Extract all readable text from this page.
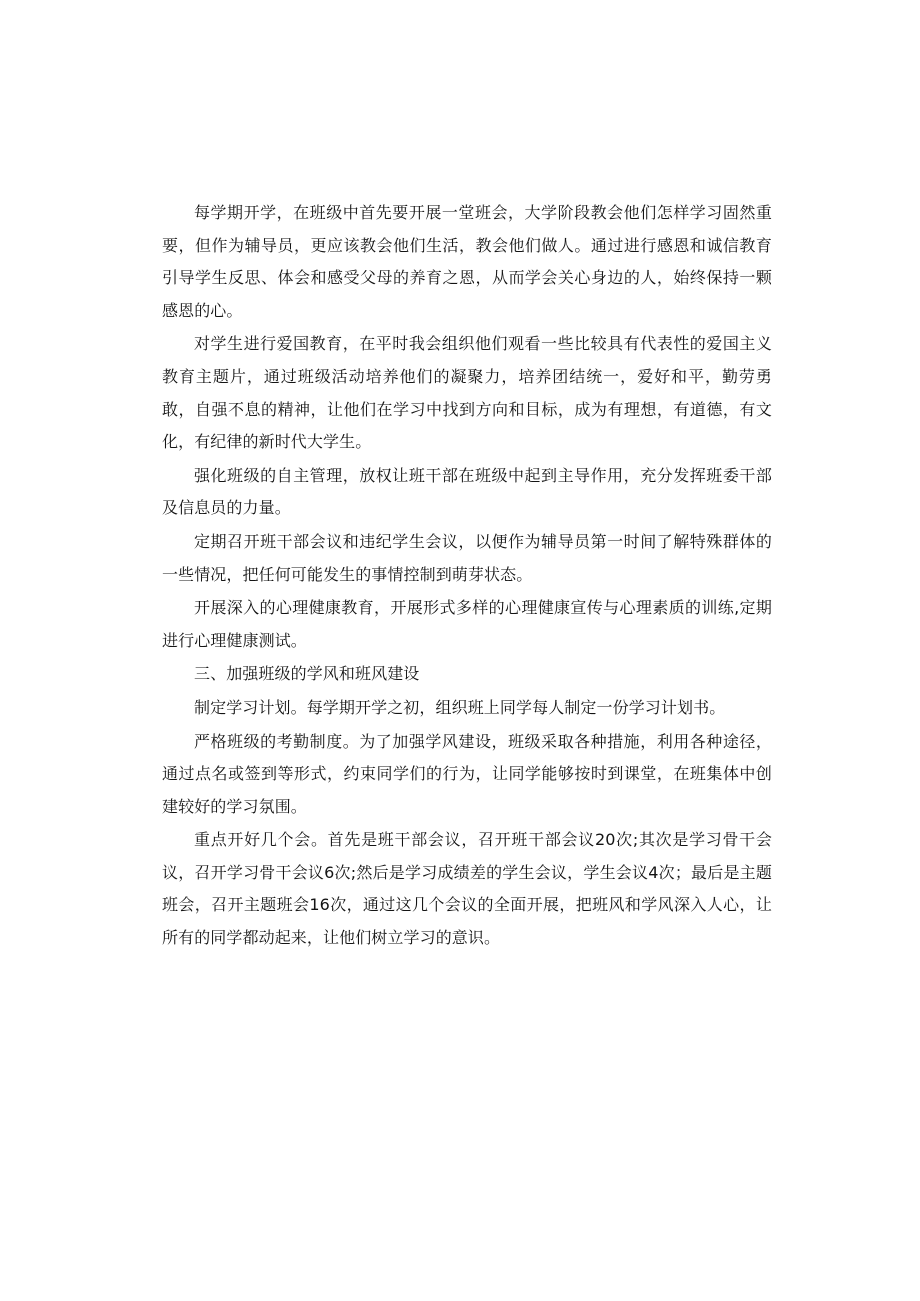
每学期开学，在班级中首先要开展一堂班会，大学阶段教会他们怎样学习固然重要，但作为辅导员，更应该教会他们生活，教会他们做人。通过进行感恩和诚信教育引导学生反思、体会和感受父母的养育之恩，从而学会关心身边的人，始终保持一颗感恩的心。

对学生进行爱国教育，在平时我会组织他们观看一些比较具有代表性的爱国主义教育主题片，通过班级活动培养他们的凝聚力，培养团结统一，爱好和平，勤劳勇敢，自强不息的精神，让他们在学习中找到方向和目标，成为有理想，有道德，有文化，有纪律的新时代大学生。

强化班级的自主管理，放权让班干部在班级中起到主导作用，充分发挥班委干部及信息员的力量。

定期召开班干部会议和违纪学生会议，以便作为辅导员第一时间了解特殊群体的一些情况，把任何可能发生的事情控制到萌芽状态。

开展深入的心理健康教育，开展形式多样的心理健康宣传与心理素质的训练,定期进行心理健康测试。

三、加强班级的学风和班风建设

制定学习计划。每学期开学之初，组织班上同学每人制定一份学习计划书。

严格班级的考勤制度。为了加强学风建设，班级采取各种措施，利用各种途径，通过点名或签到等形式，约束同学们的行为，让同学能够按时到课堂，在班集体中创建较好的学习氛围。

重点开好几个会。首先是班干部会议，召开班干部会议20次;其次是学习骨干会议，召开学习骨干会议6次;然后是学习成绩差的学生会议，学生会议4次；最后是主题班会，召开主题班会16次，通过这几个会议的全面开展，把班风和学风深入人心，让所有的同学都动起来，让他们树立学习的意识。
